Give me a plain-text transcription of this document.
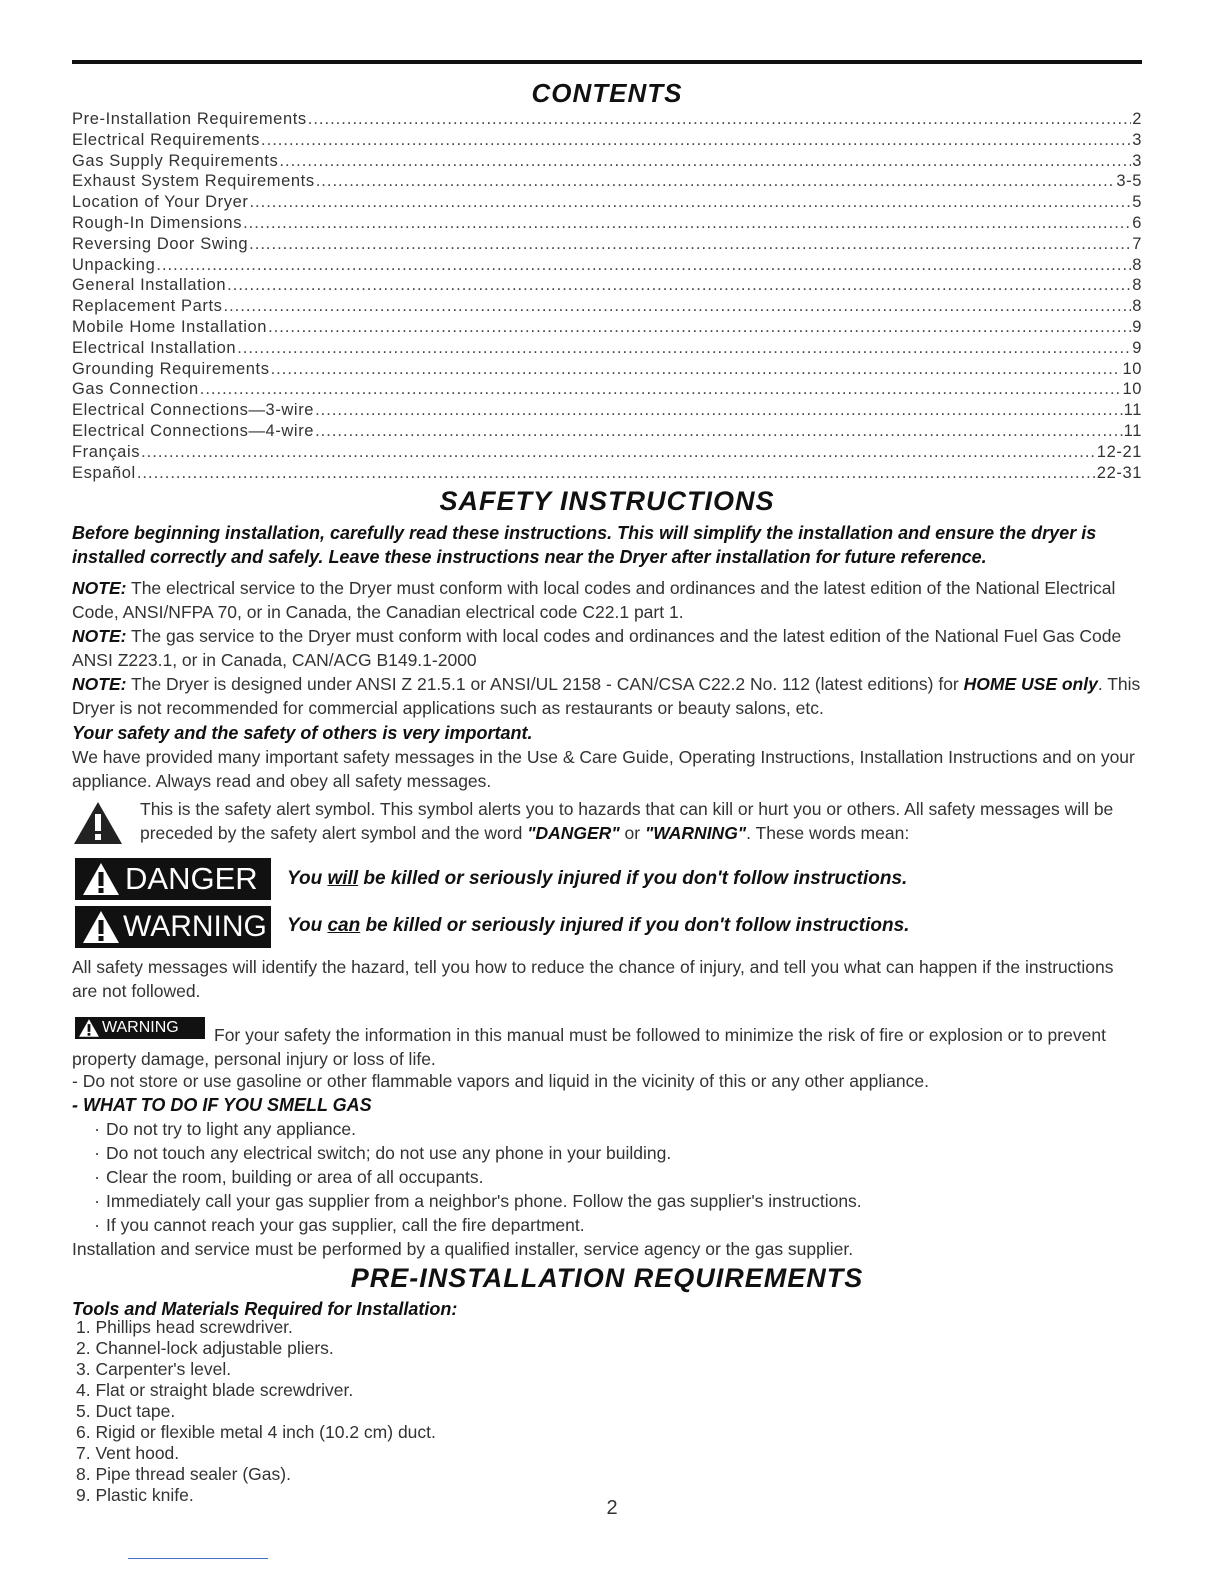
CONTENTS
Pre-Installation Requirements .....	2
Electrical Requirements .....	3
Gas Supply Requirements .....	3
Exhaust System Requirements .....	3-5
Location of Your Dryer .....	5
Rough-In Dimensions .....	6
Reversing Door Swing .....	7
Unpacking .....	8
General Installation .....	8
Replacement Parts .....	8
Mobile Home Installation .....	9
Electrical Installation .....	9
Grounding Requirements .....	10
Gas Connection .....	10
Electrical Connections—3-wire .....	11
Electrical Connections—4-wire .....	11
Français .....	12-21
Español .....	22-31
SAFETY INSTRUCTIONS
Before beginning installation, carefully read these instructions. This will simplify the installation and ensure the dryer is installed correctly and safely. Leave these instructions near the Dryer after installation for future reference.
NOTE: The electrical service to the Dryer must conform with local codes and ordinances and the latest edition of the National Electrical Code, ANSI/NFPA 70, or in Canada, the Canadian electrical code C22.1 part 1.
NOTE: The gas service to the Dryer must conform with local codes and ordinances and the latest edition of the National Fuel Gas Code ANSI Z223.1, or in Canada, CAN/ACG B149.1-2000
NOTE: The Dryer is designed under ANSI Z 21.5.1 or ANSI/UL 2158 - CAN/CSA C22.2 No. 112 (latest editions) for HOME USE only. This Dryer is not recommended for commercial applications such as restaurants or beauty salons, etc.
Your safety and the safety of others is very important.
We have provided many important safety messages in the Use & Care Guide, Operating Instructions, Installation Instructions and on your appliance. Always read and obey all safety messages.
This is the safety alert symbol. This symbol alerts you to hazards that can kill or hurt you or others. All safety messages will be preceded by the safety alert symbol and the word "DANGER" or "WARNING". These words mean:
DANGER You will be killed or seriously injured if you don't follow instructions.
WARNING You can be killed or seriously injured if you don't follow instructions.
All safety messages will identify the hazard, tell you how to reduce the chance of injury, and tell you what can happen if the instructions are not followed.
WARNING	For your safety the information in this manual must be followed to minimize the risk of fire or explosion or to prevent property damage, personal injury or loss of life.
- Do not store or use gasoline or other flammable vapors and liquid in the vicinity of this or any other appliance.
- WHAT TO DO IF YOU SMELL GAS
· Do not try to light any appliance.
· Do not touch any electrical switch; do not use any phone in your building.
· Clear the room, building or area of all occupants.
· Immediately call your gas supplier from a neighbor's phone. Follow the gas supplier's instructions.
· If you cannot reach your gas supplier, call the fire department.
Installation and service must be performed by a qualified installer, service agency or the gas supplier.
PRE-INSTALLATION REQUIREMENTS
Tools and Materials Required for Installation:
1. Phillips head screwdriver.
2. Channel-lock adjustable pliers.
3. Carpenter's level.
4. Flat or straight blade screwdriver.
5. Duct tape.
6. Rigid or flexible metal 4 inch (10.2 cm) duct.
7. Vent hood.
8. Pipe thread sealer (Gas).
9. Plastic knife.
2
